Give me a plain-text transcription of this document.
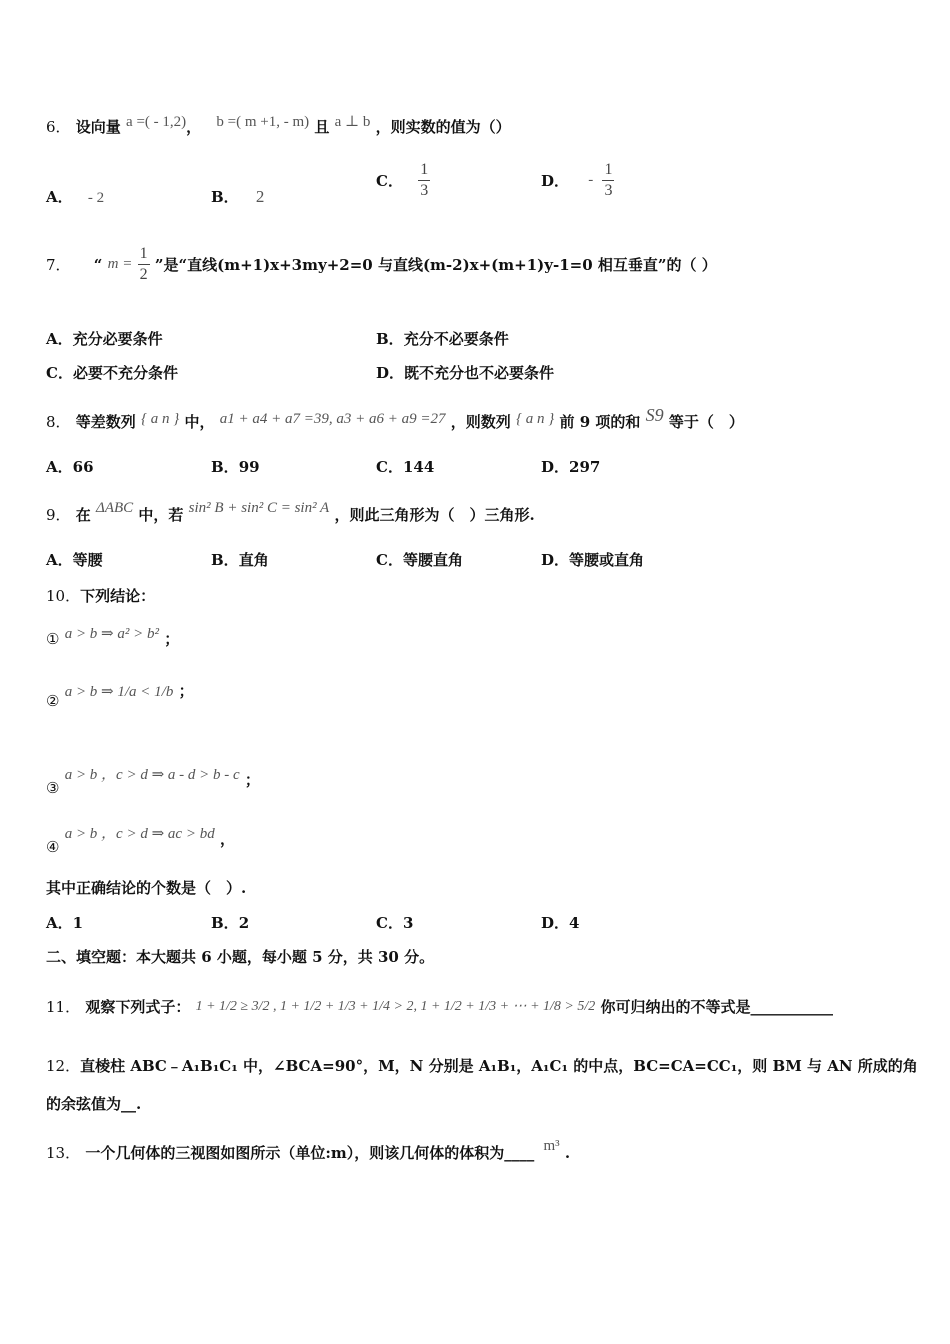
6． 设向量 a =( - 1,2)， b =( m +1, - m) 且 a ⊥ b ，则实数的值为（）
A． - 2	B． 2
C． $\frac{1}{3}$	D． - $\frac{1}{3}$
7． “ $m = \frac{1}{2}$ ”是“直线(m+1)x+3my+2=0 与直线(m-2)x+(m+1)y-1=0 相互垂直”的（ ）
A．充分必要条件	B．充分不必要条件
C．必要不充分条件	D．既不充分也不必要条件
8． 等差数列 { a n } 中， a1 + a4 + a7 =39, a3 + a6 + a9 =27 ，则数列 { a n } 前 9 项的和 S9 等于（　）
A．66	B．99	C．144	D．297
9． 在 ΔABC 中，若 sin² B + sin² C = sin² A ，则此三角形为（　）三角形.
A．等腰	B．直角	C．等腰直角	D．等腰或直角
10．下列结论：
① a > b ⇒ a² > b² ；
② a > b ⇒ 1/a < 1/b ；
③ a > b ，c > d ⇒ a - d > b - c ；
④ a > b ，c > d ⇒ ac > bd ，
其中正确结论的个数是（　）.
A．1	B．2	C．3	D．4
二、填空题：本大题共 6 小题，每小题 5 分，共 30 分。
11． 观察下列式子： 1 + 1/2 ≥ 3/2 , 1 + 1/2 + 1/3 + 1/4 > 2, 1 + 1/2 + 1/3 + ⋯ + 1/8 > 5/2 你可归纳出的不等式是___________
12．直棱柱 ABC﹣A₁B₁C₁ 中，∠BCA=90°，M，N 分别是 A₁B₁，A₁C₁ 的中点，BC=CA=CC₁，则 BM 与 AN 所成的角
的余弦值为__.
13． 一个几何体的三视图如图所示（单位:m），则该几何体的体积为____ m³ .
